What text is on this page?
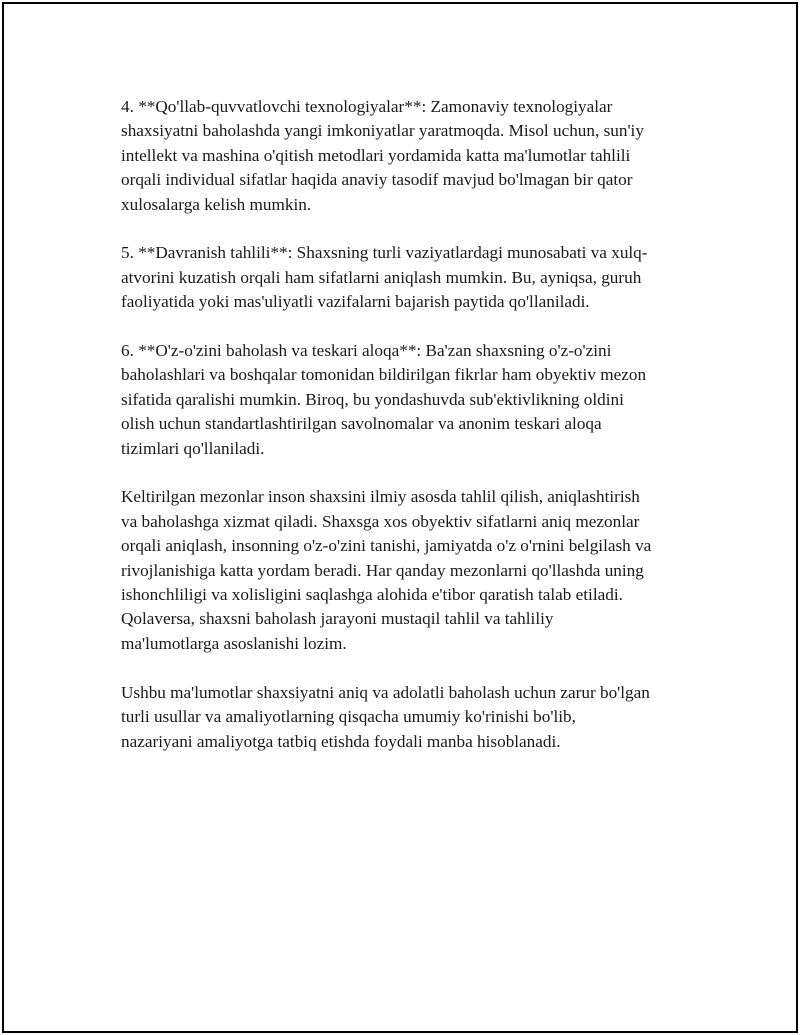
4. **Qo'llab-quvvatlovchi texnologiyalar**: Zamonaviy texnologiyalar
shaxsiyatni baholashda yangi imkoniyatlar yaratmoqda. Misol uchun, sun'iy
intellekt va mashina o'qitish metodlari yordamida katta ma'lumotlar tahlili
orqali individual sifatlar haqida anaviy tasodif mavjud bo'lmagan bir qator
xulosalarga kelish mumkin.

5. **Davranish tahlili**: Shaxsning turli vaziyatlardagi munosabati va xulq-
atvorini kuzatish orqali ham sifatlarni aniqlash mumkin. Bu, ayniqsa, guruh
faoliyatida yoki mas'uliyatli vazifalarni bajarish paytida qo'llaniladi.

6. **O'z-o'zini baholash va teskari aloqa**: Ba'zan shaxsning o'z-o'zini
baholashlari va boshqalar tomonidan bildirilgan fikrlar ham obyektiv mezon
sifatida qaralishi mumkin. Biroq, bu yondashuvda sub'ektivlikning oldini
olish uchun standartlashtirilgan savolnomalar va anonim teskari aloqa
tizimlari qo'llaniladi.

Keltirilgan mezonlar inson shaxsini ilmiy asosda tahlil qilish, aniqlashtirish
va baholashga xizmat qiladi. Shaxsga xos obyektiv sifatlarni aniq mezonlar
orqali aniqlash, insonning o'z-o'zini tanishi, jamiyatda o'z o'rnini belgilash va
rivojlanishiga katta yordam beradi. Har qanday mezonlarni qo'llashda uning
ishonchliligi va xolisligini saqlashga alohida e'tibor qaratish talab etiladi.
Qolaversa, shaxsni baholash jarayoni mustaqil tahlil va tahliliy
ma'lumotlarga asoslanishi lozim.

Ushbu ma'lumotlar shaxsiyatni aniq va adolatli baholash uchun zarur bo'lgan
turli usullar va amaliyotlarning qisqacha umumiy ko'rinishi bo'lib,
nazariyani amaliyotga tatbiq etishda foydali manba hisoblanadi.
